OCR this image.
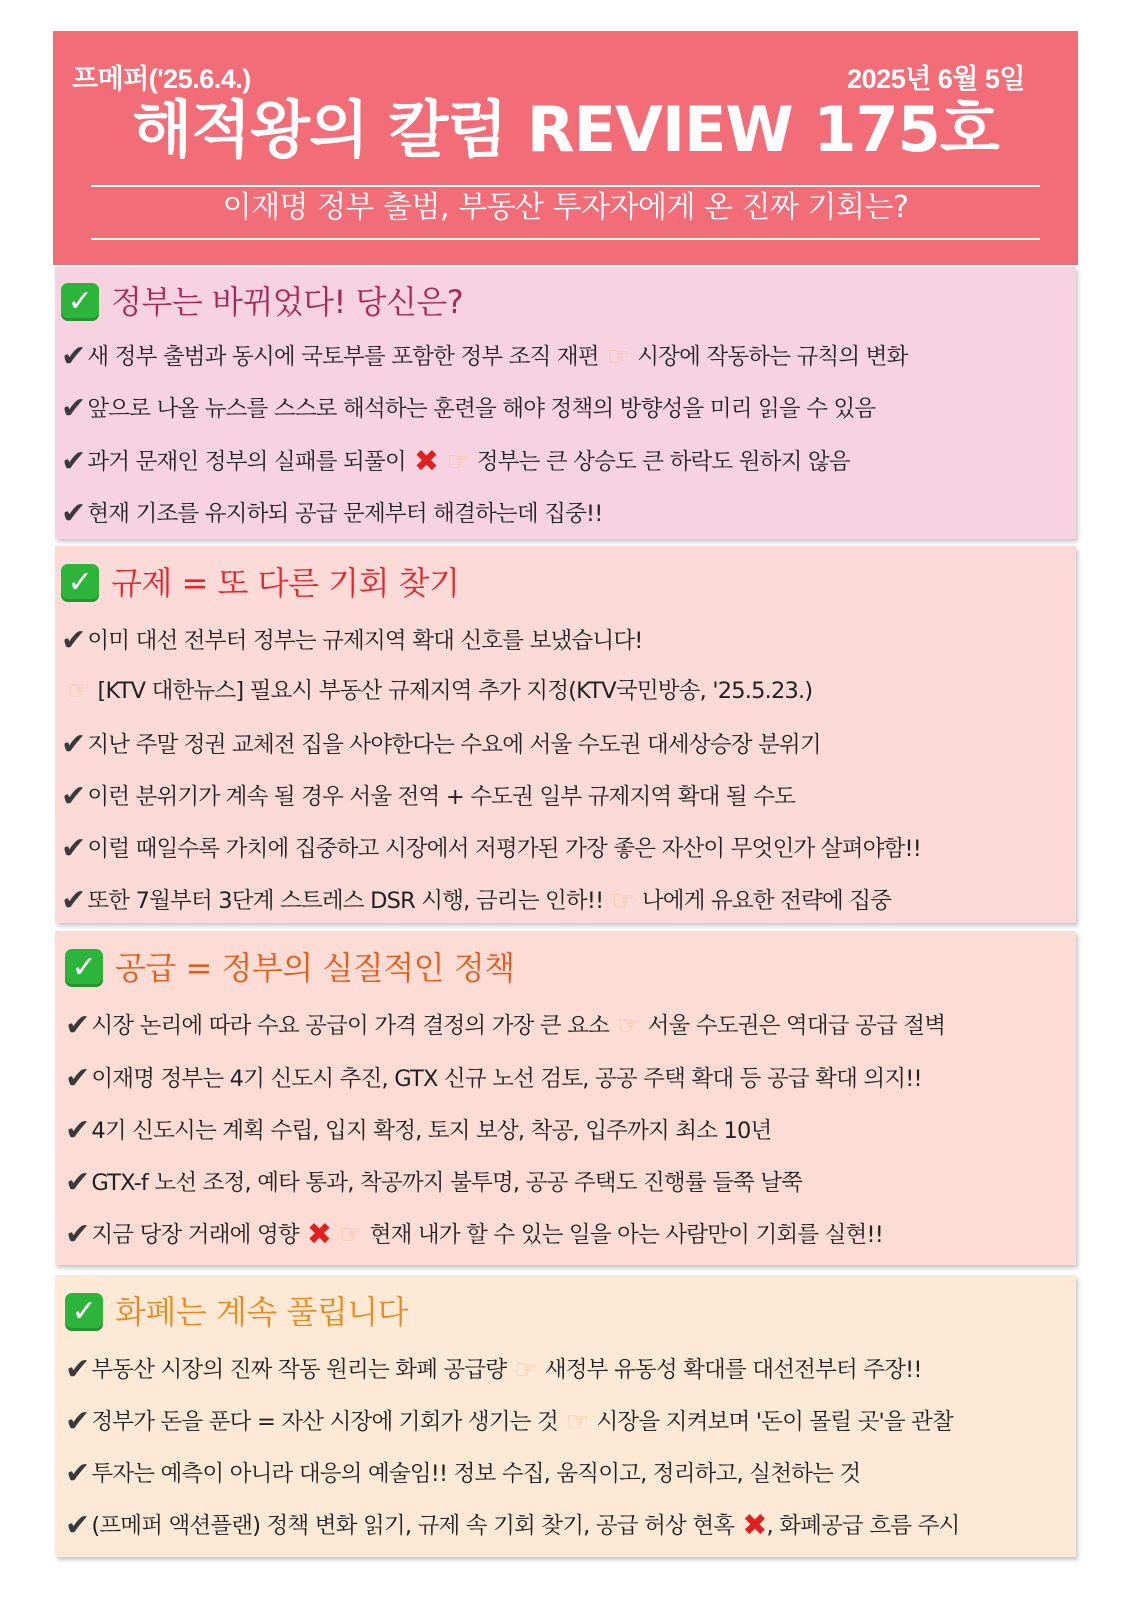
프메퍼('25.6.4.)	2025년 6월 5일
해적왕의 칼럼 REVIEW 175호
이재명 정부 출범, 부동산 투자자에게 온 진짜 기회는?
✓ 정부는 바뀌었다! 당신은?
✔ 새 정부 출범과 동시에 국토부를 포함한 정부 조직 재편 ☞ 시장에 작동하는 규칙의 변화
✔ 앞으로 나올 뉴스를 스스로 해석하는 훈련을 해야 정책의 방향성을 미리 읽을 수 있음
✔ 과거 문재인 정부의 실패를 되풀이 ✖ ☞ 정부는 큰 상승도 큰 하락도 원하지 않음
✔ 현재 기조를 유지하되 공급 문제부터 해결하는데 집중!!
✓ 규제 = 또 다른 기회 찾기
✔ 이미 대선 전부터 정부는 규제지역 확대 신호를 보냈습니다!
☞ [KTV 대한뉴스] 필요시 부동산 규제지역 추가 지정(KTV국민방송, '25.5.23.)
✔ 지난 주말 정권 교체전 집을 사야한다는 수요에 서울 수도권 대세상승장 분위기
✔ 이런 분위기가 계속 될 경우 서울 전역 + 수도권 일부 규제지역 확대 될 수도
✔ 이럴 때일수록 가치에 집중하고 시장에서 저평가된 가장 좋은 자산이 무엇인가 살펴야함!!
✔ 또한 7월부터 3단계 스트레스 DSR 시행, 금리는 인하!! ☞ 나에게 유요한 전략에 집중
✓ 공급 = 정부의 실질적인 정책
✔ 시장 논리에 따라 수요 공급이 가격 결정의 가장 큰 요소 ☞ 서울 수도권은 역대급 공급 절벽
✔ 이재명 정부는 4기 신도시 추진, GTX 신규 노선 검토, 공공 주택 확대 등 공급 확대 의지!!
✔ 4기 신도시는 계획 수립, 입지 확정, 토지 보상, 착공, 입주까지 최소 10년
✔ GTX-f 노선 조정, 예타 통과, 착공까지 불투명, 공공 주택도 진행률 들쭉 날쭉
✔ 지금 당장 거래에 영향 ✖ ☞ 현재 내가 할 수 있는 일을 아는 사람만이 기회를 실현!!
✓ 화폐는 계속 풀립니다
✔ 부동산 시장의 진짜 작동 원리는 화폐 공급량 ☞ 새정부 유동성 확대를 대선전부터 주장!!
✔ 정부가 돈을 푼다 = 자산 시장에 기회가 생기는 것 ☞ 시장을 지켜보며 '돈이 몰릴 곳'을 관찰
✔ 투자는 예측이 아니라 대응의 예술임!! 정보 수집, 움직이고, 정리하고, 실천하는 것
✔ (프메퍼 액션플랜) 정책 변화 읽기, 규제 속 기회 찾기, 공급 허상 현혹 ✖ , 화폐공급 흐름 주시
